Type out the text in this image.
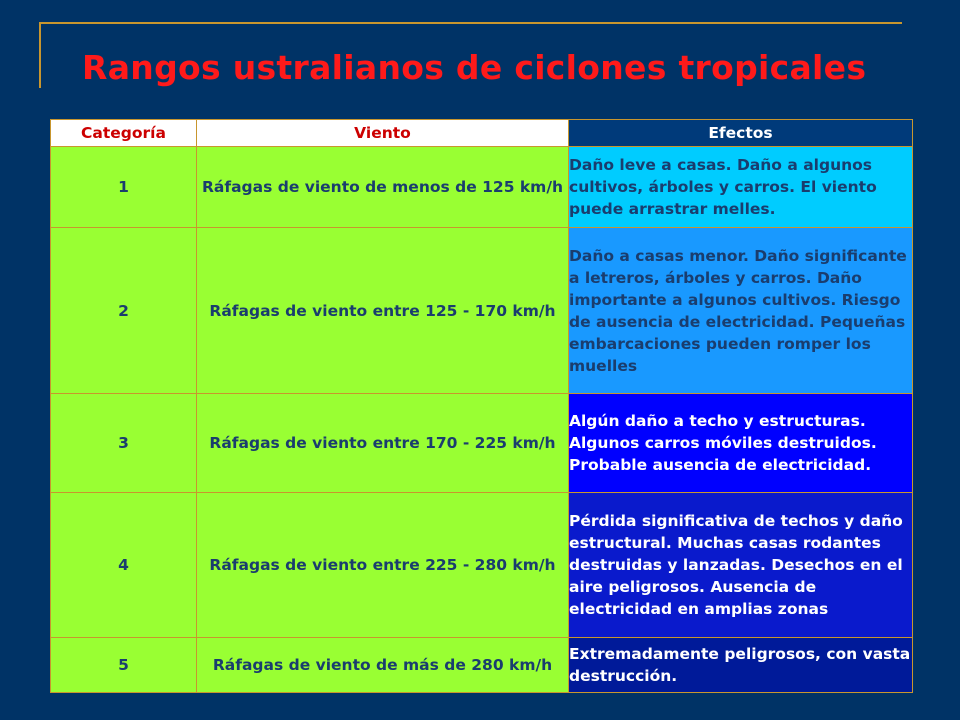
Rangos ustralianos de ciclones tropicales
Categoría	Viento	Efectos
1	Ráfagas de viento de menos de 125 km/h	Daño leve a casas. Daño a algunos cultivos, árboles y carros. El viento puede arrastrar melles.
2	Ráfagas de viento entre 125 - 170 km/h	Daño a casas menor. Daño significante a letreros, árboles y carros. Daño importante a algunos cultivos. Riesgo de ausencia de electricidad. Pequeñas embarcaciones pueden romper los muelles
3	Ráfagas de viento entre 170 - 225 km/h	Algún daño a techo y estructuras. Algunos carros móviles destruidos. Probable ausencia de electricidad.
4	Ráfagas de viento entre 225 - 280 km/h	Pérdida significativa de techos y daño estructural. Muchas casas rodantes destruidas y lanzadas. Desechos en el aire peligrosos. Ausencia de electricidad en amplias zonas
5	Ráfagas de viento de más de 280 km/h	Extremadamente peligrosos, con vasta destrucción.
